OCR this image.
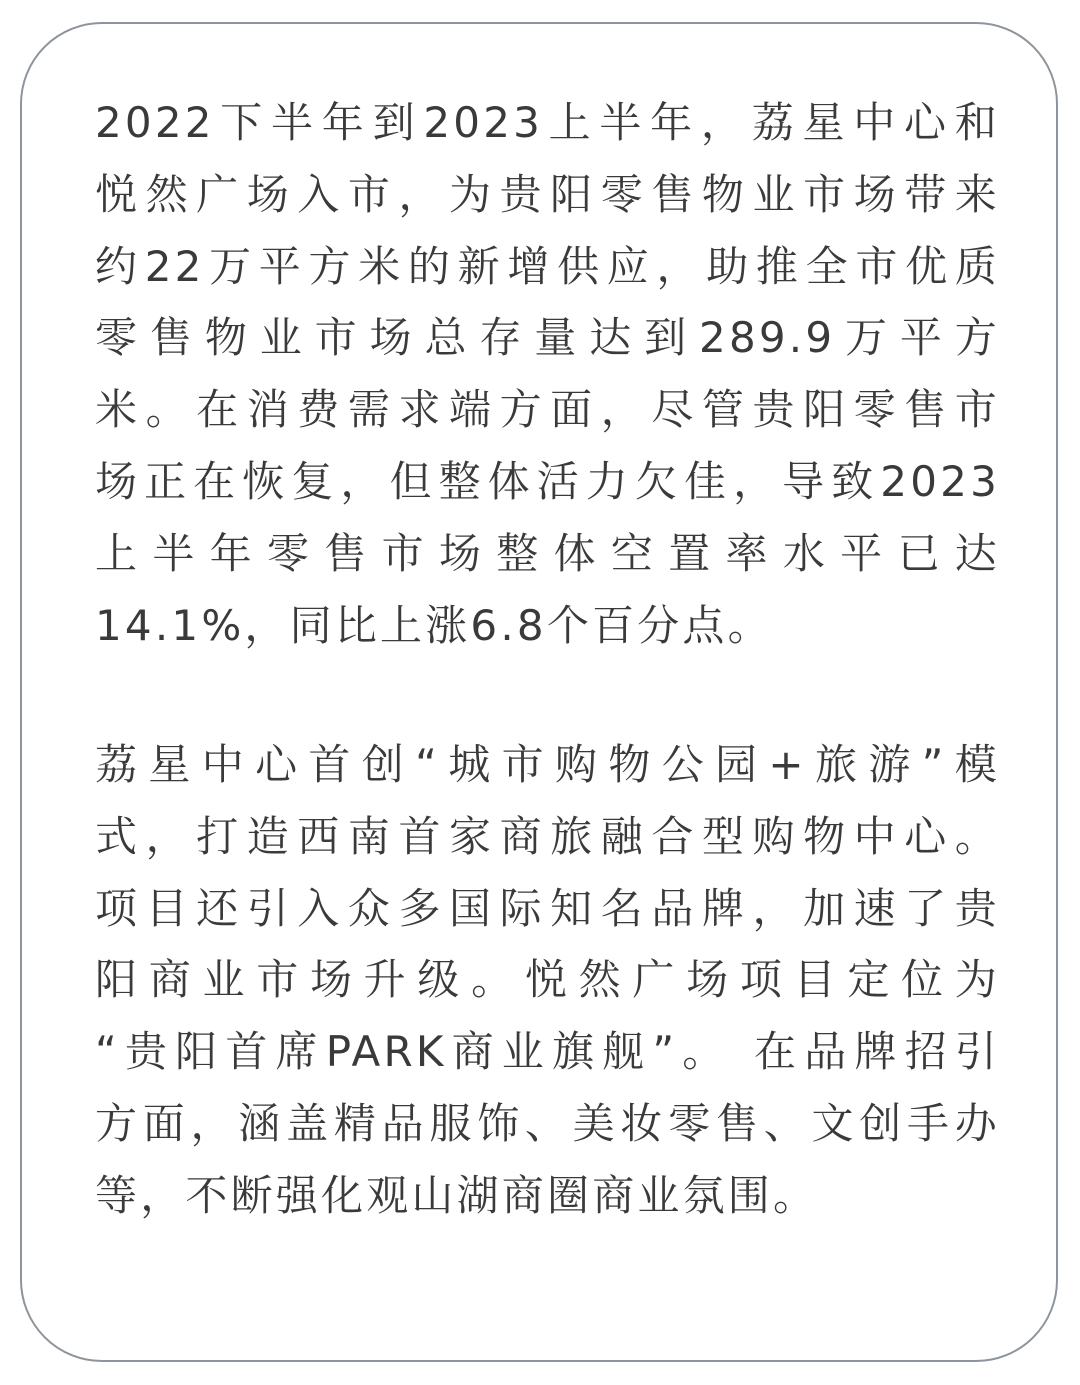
2022下半年到2023上半年，荔星中心和
悦然广场入市，为贵阳零售物业市场带来
约22万平方米的新增供应，助推全市优质
零售物业市场总存量达到289.9万平方
米。在消费需求端方面，尽管贵阳零售市
场正在恢复，但整体活力欠佳，导致2023
上半年零售市场整体空置率水平已达
14.1%，同比上涨6.8个百分点。
荔星中心首创“城市购物公园+旅游”模
式，打造西南首家商旅融合型购物中心。
项目还引入众多国际知名品牌，加速了贵
阳商业市场升级。悦然广场项目定位为
“贵阳首席PARK商业旗舰”。 在品牌招引
方面，涵盖精品服饰、美妆零售、文创手办
等，不断强化观山湖商圈商业氛围。
